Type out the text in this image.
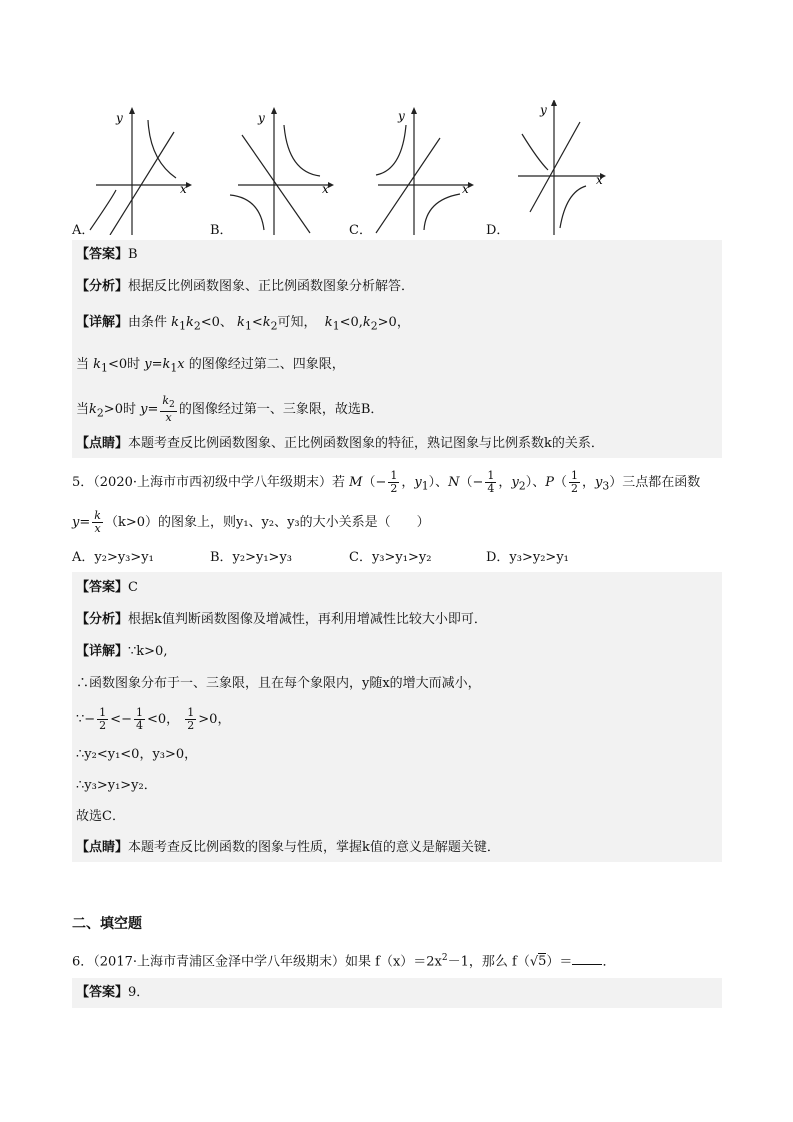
y
x
y
x
y
x
y
x
A．	B．	C．	D．
【答案】B
【分析】根据反比例函数图象、正比例函数图象分析解答．
【详解】由条件 $k_1k_2<0$、 $k_1<k_2$可知， $k_1<0,k_2>0$，
当 $k_1<0$时 $y=k_1x$ 的图像经过第二、四象限，
当$k_2>0$时 $y= \frac{k_2}{x}$ 的图像经过第一、三象限，故选B．
【点睛】本题考查反比例函数图象、正比例函数图象的特征，熟记图象与比例系数k的关系．
5．（2020·上海市市西初级中学八年级期末）若 $M(- \frac{1}{2}$ ，$y_1$）、$N(- \frac{1}{4}$ ，$y_2$）、$P( \frac{1}{2}$ ，$y_3$）三点都在函数
$y= \frac{k}{x} (k>0)$的图象上，则y₁、y₂、y₃的大小关系是（　　）
A．y₂>y₃>y₁	B．y₂>y₁>y₃	C．y₃>y₁>y₂	D．y₃>y₂>y₁
【答案】C
【分析】根据k值判断函数图像及增减性，再利用增减性比较大小即可．
【详解】∵k>0,
∴函数图象分布于一、三象限，且在每个象限内，y随x的增大而减小，
∵− $\frac{1}{2} <- \frac{1}{4} <0$， $\frac{1}{2} >0$，
∴y₂<y₁<0，y₃>0，
∴y₃>y₁>y₂．
故选C．
【点睛】本题考查反比例函数的图象与性质，掌握k值的意义是解题关键．
二、填空题
6．（2017·上海市青浦区金泽中学八年级期末）如果 $f(x)=2x^2-1$，那么 f（√5）＝ ．
【答案】9．
